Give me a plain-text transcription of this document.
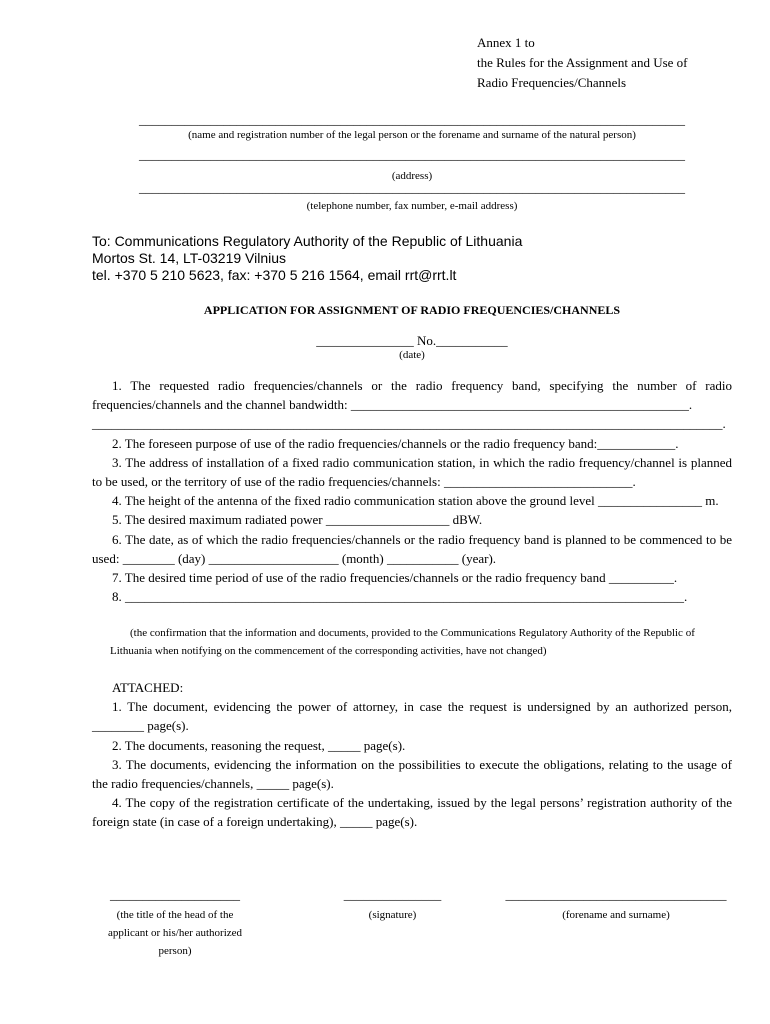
Annex 1 to
the Rules for the Assignment and Use of
Radio Frequencies/Channels
____________________________________________________________________________________
(name and registration number of the legal person or the forename and surname of the natural person)
____________________________________________________________________________________
(address)
____________________________________________________________________________________
(telephone number, fax number, e-mail address)
To: Communications Regulatory Authority of the Republic of Lithuania
Mortos St. 14, LT-03219 Vilnius
tel. +370 5 210 5623, fax: +370 5 216 1564, email rrt@rrt.lt
APPLICATION FOR ASSIGNMENT OF RADIO FREQUENCIES/CHANNELS
_______________ No.___________
(date)

1. The requested radio frequencies/channels or the radio frequency band, specifying the number of radio frequencies/channels and the channel bandwidth: ____________________________________________________.

_________________________________________________________________________________________________.

2. The foreseen purpose of use of the radio frequencies/channels or the radio frequency band:____________.

3. The address of installation of a fixed radio communication station, in which the radio frequency/channel is planned to be used, or the territory of use of the radio frequencies/channels: _____________________________.

4. The height of the antenna of the fixed radio communication station above the ground level ________________ m.

5. The desired maximum radiated power ___________________ dBW.

6. The date, as of which the radio frequencies/channels or the radio frequency band is planned to be commenced to be used: ________ (day) ____________________ (month) ___________ (year).

7. The desired time period of use of the radio frequencies/channels or the radio frequency band __________.

8. ______________________________________________________________________________________.

(the confirmation that the information and documents, provided to the Communications Regulatory Authority of the Republic of Lithuania when notifying on the commencement of the corresponding activities, have not changed)

ATTACHED:

1. The document, evidencing the power of attorney, in case the request is undersigned by an authorized person, ________ page(s).

2. The documents, reasoning the request, _____ page(s).

3. The documents, evidencing the information on the possibilities to execute the obligations, relating to the usage of the radio frequencies/channels, _____ page(s).

4. The copy of the registration certificate of the undertaking, issued by the legal persons’ registration authority of the foreign state (in case of a foreign undertaking), _____ page(s).

____________________
(the title of the head of the applicant or his/her authorized person)
_______________
(signature)
__________________________________
(forename and surname)
